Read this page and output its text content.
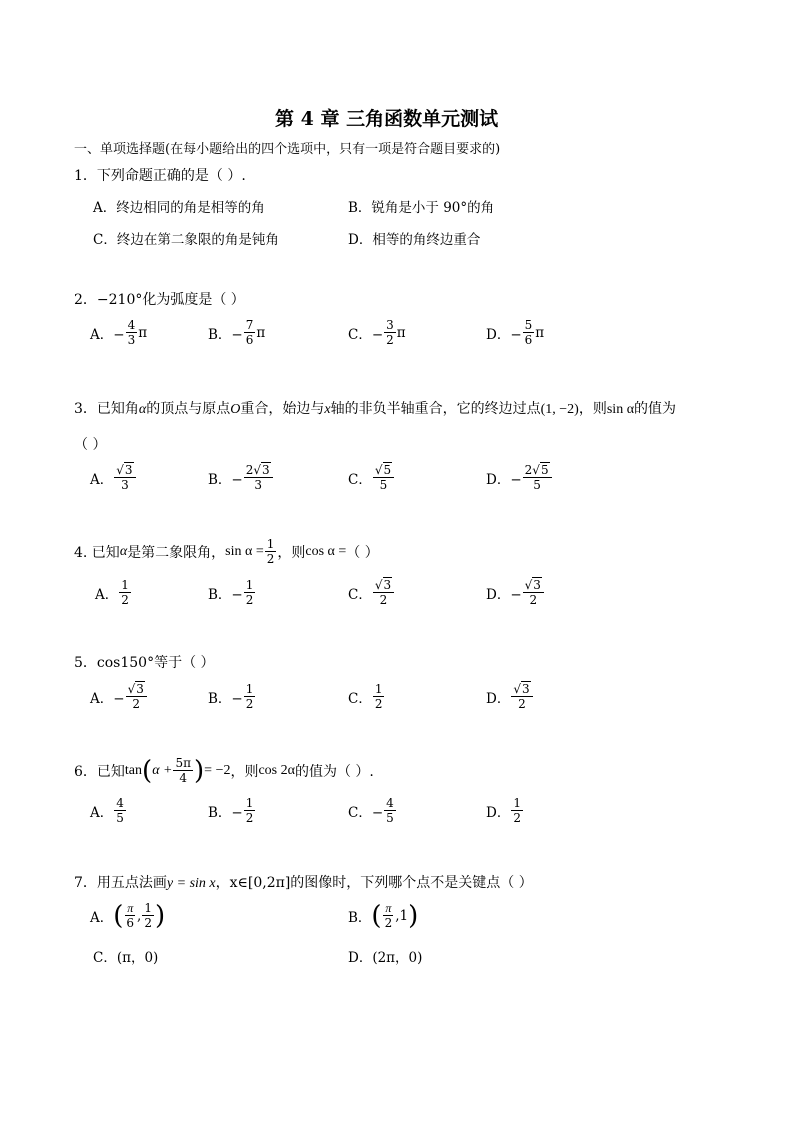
第 4 章 三角函数单元测试
一、单项选择题(在每小题给出的四个选项中，只有一项是符合题目要求的)
1．下列命题正确的是（ ）.
A．终边相同的角是相等的角	B．锐角是小于 90°的角
C．终边在第二象限的角是钝角	D．相等的角终边重合
2．−210°化为弧度是（ ）
A．− $\frac{4}{3}$ π	B．− $\frac{7}{6}$ π	C．− $\frac{3}{2}$ π	D．− $\frac{5}{6}$ π
3．已知角α的顶点与原点O重合，始边与x轴的非负半轴重合，它的终边过点(1, −2)，则sin α的值为
（ ）
A． $\frac{√3}{3}$	B．− $\frac{2√3}{3}$	C． $\frac{√5}{5}$	D．− $\frac{2√5}{5}$
4. 已知 α 是第二象限角， $\sin \alpha = \frac{1}{2}$ ，则 cos α = （ ）
A． $\frac{1}{2}$	B．− $\frac{1}{2}$	C． $\frac{√3}{2}$	D．− $\frac{√3}{2}$
5．cos150°等于（ ）
A．− $\frac{√3}{2}$	B．− $\frac{1}{2}$	C． $\frac{1}{2}$	D． $\frac{√3}{2}$
6．已知 tan ( $\alpha + \frac{5\pi}{4}$ ) = −2 ，则 cos 2α 的值为（ ）.
A． $\frac{4}{5}$	B．− $\frac{1}{2}$	C．− $\frac{4}{5}$	D． $\frac{1}{2}$
7．用五点法画y = sin x，x∈[0,2π]的图像时，下列哪个点不是关键点（ ）
A． ( $\frac{\pi}{6}$ , $\frac{1}{2}$ )	B． ( $\frac{\pi}{2} ,1$ )
C．(π，0)	D．(2π，0)
